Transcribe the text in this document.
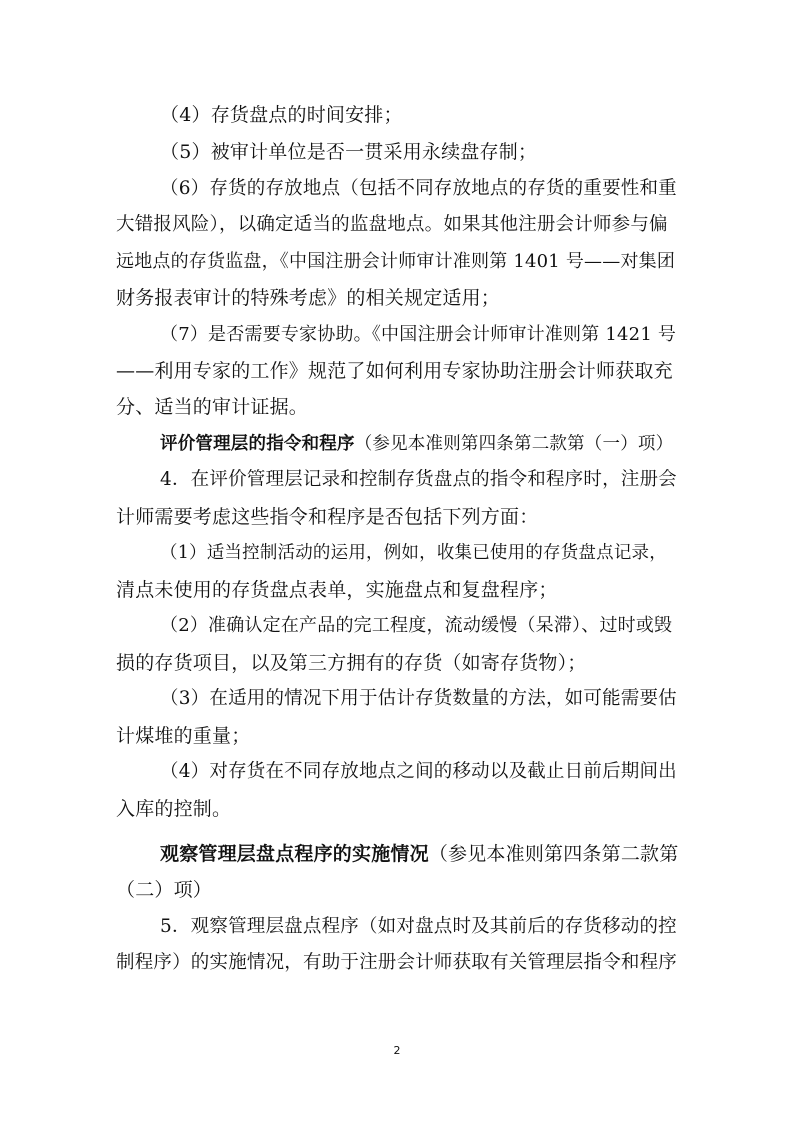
（4）存货盘点的时间安排；
（5）被审计单位是否一贯采用永续盘存制；
（6）存货的存放地点（包括不同存放地点的存货的重要性和重
大错报风险），以确定适当的监盘地点。如果其他注册会计师参与偏
远地点的存货监盘，《中国注册会计师审计准则第 1401 号——对集团
财务报表审计的特殊考虑》的相关规定适用；
（7）是否需要专家协助。《中国注册会计师审计准则第 1421 号
——利用专家的工作》规范了如何利用专家协助注册会计师获取充
分、适当的审计证据。
评价管理层的指令和程序（参见本准则第四条第二款第（一）项）
4．在评价管理层记录和控制存货盘点的指令和程序时，注册会
计师需要考虑这些指令和程序是否包括下列方面：
（1）适当控制活动的运用，例如，收集已使用的存货盘点记录，
清点未使用的存货盘点表单，实施盘点和复盘程序；
（2）准确认定在产品的完工程度，流动缓慢（呆滞）、过时或毁
损的存货项目，以及第三方拥有的存货（如寄存货物）；
（3）在适用的情况下用于估计存货数量的方法，如可能需要估
计煤堆的重量；
（4）对存货在不同存放地点之间的移动以及截止日前后期间出
入库的控制。
观察管理层盘点程序的实施情况（参见本准则第四条第二款第
（二）项）
5．观察管理层盘点程序（如对盘点时及其前后的存货移动的控
制程序）的实施情况，有助于注册会计师获取有关管理层指令和程序
2
